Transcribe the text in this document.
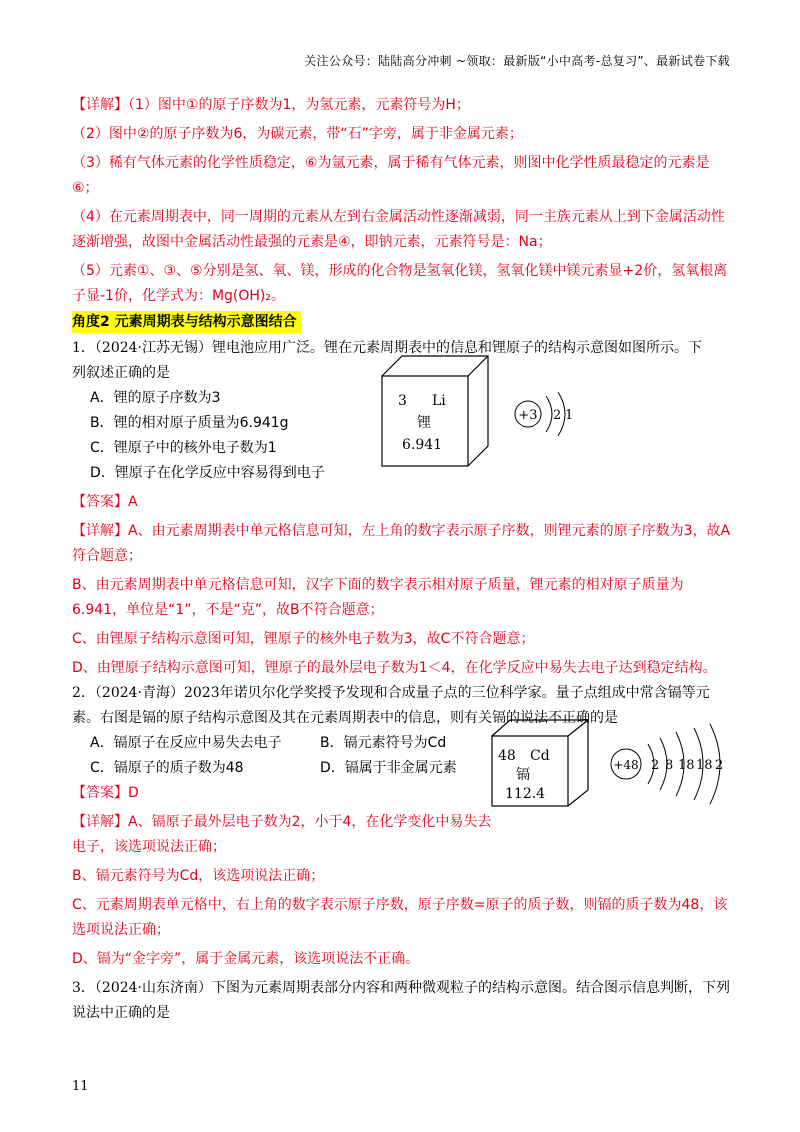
关注公众号：陆陆高分冲刺 ~领取：最新版“小中高考-总复习”、最新试卷下载

【详解】（1）图中①的原子序数为1，为氢元素，元素符号为H；

（2）图中②的原子序数为6，为碳元素，带“石”字旁，属于非金属元素；

（3）稀有气体元素的化学性质稳定，⑥为氩元素，属于稀有气体元素，则图中化学性质最稳定的元素是⑥；

（4）在元素周期表中，同一周期的元素从左到右金属活动性逐渐减弱，同一主族元素从上到下金属活动性逐渐增强，故图中金属活动性最强的元素是④，即钠元素，元素符号是：Na；

（5）元素①、③、⑤分别是氢、氧、镁，形成的化合物是氢氧化镁，氢氧化镁中镁元素显+2价，氢氧根离子显-1价，化学式为：Mg(OH)₂。

角度2 元素周期表与结构示意图结合

1．（2024·江苏无锡）锂电池应用广泛。锂在元素周期表中的信息和锂原子的结构示意图如图所示。下列叙述正确的是

A．锂的原子序数为3

B．锂的相对原子质量为6.941g

C．锂原子中的核外电子数为1

D．锂原子在化学反应中容易得到电子

【答案】A

【详解】A、由元素周期表中单元格信息可知，左上角的数字表示原子序数，则锂元素的原子序数为3，故A符合题意；

B、由元素周期表中单元格信息可知，汉字下面的数字表示相对原子质量，锂元素的相对原子质量为6.941，单位是“1”，不是“克”，故B不符合题意；

C、由锂原子结构示意图可知，锂原子的核外电子数为3，故C不符合题意；

D、由锂原子结构示意图可知，锂原子的最外层电子数为1＜4，在化学反应中易失去电子达到稳定结构。

2．（2024·青海）2023年诺贝尔化学奖授予发现和合成量子点的三位科学家。量子点组成中常含镉等元素。右图是镉的原子结构示意图及其在元素周期表中的信息，则有关镉的说法不正确的是

A．镉原子在反应中易失去电子	B．镉元素符号为Cd
C．镉原子的质子数为48	D．镉属于非金属元素

【答案】D

【详解】A、镉原子最外层电子数为2，小于4，在化学变化中易失去电子，该选项说法正确；

B、镉元素符号为Cd，该选项说法正确；

C、元素周期表单元格中，右上角的数字表示原子序数，原子序数=原子的质子数，则镉的质子数为48，该选项说法正确；

D、镉为“金字旁”，属于金属元素，该选项说法不正确。

3．（2024·山东济南）下图为元素周期表部分内容和两种微观粒子的结构示意图。结合图示信息判断，下列说法中正确的是

3 Li
锂
6.941
+3 2 1
48 Cd
镉
112.4
+48 2 8 18 18 2
11
